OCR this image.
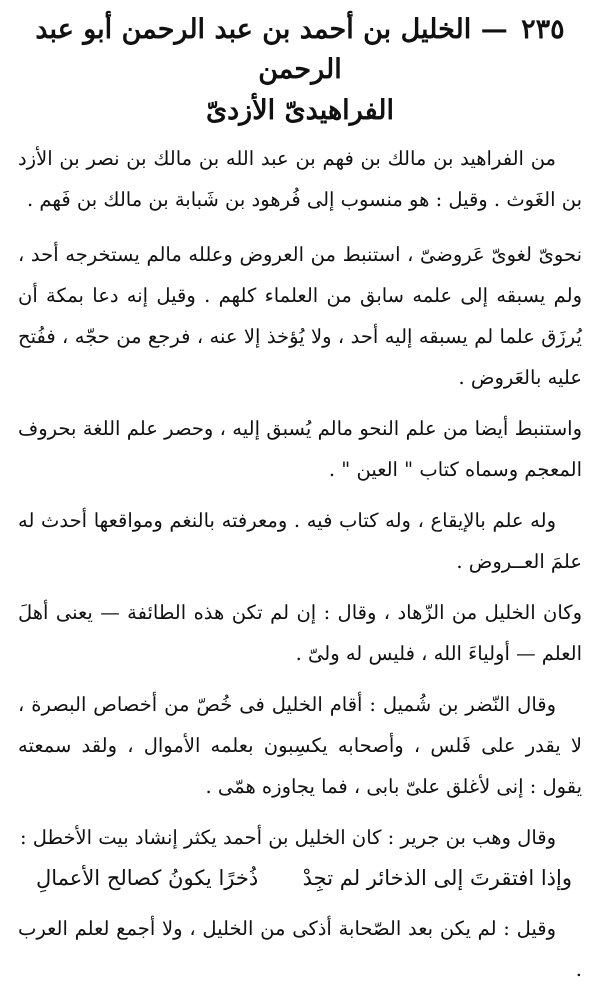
٢٣٥ — الخليل بن أحمد بن عبد الرحمن أبو عبد الرحمن
الفراهيدىّ الأزدىّ

من الفراهيد بن مالك بن فهم بن عبد الله بن مالك بن نصر بن الأزد بن الغَوث . وقيل : هو منسوب إلى فُرهود بن شَبابة بن مالك بن فَهم .

نحوىّ لغوىّ عَروضىّ ، استنبط من العروض وعلله مالم يستخرجه أحد ، ولم يسبقه إلى علمه سابق من العلماء كلهم . وقيل إنه دعا بمكة أن يُرزَق علما لم يسبقه إليه أحد ، ولا يُؤخذ إلا عنه ، فرجع من حجّه ، ففُتح عليه بالعَروض .

واستنبط أيضا من علم النحو مالم يُسبق إليه ، وحصر علم اللغة بحروف المعجم وسماه كتاب " العين " .

وله علم بالإيقاع ، وله كتاب فيه . ومعرفته بالنغم ومواقعها أحدث له علمَ العــروض .

وكان الخليل من الزّهاد ، وقال : إن لم تكن هذه الطائفة — يعنى أهلَ العلم — أولياءَ الله ، فليس له ولىّ .

وقال النّضر بن شُميل : أقام الخليل فى خُصّ من أخصاص البصرة ، لا يقدر على فَلس ، وأصحابه يكسِبون بعلمه الأموال ، ولقد سمعته يقول : إنى لأغلق علىّ بابى ، فما يجاوزه همّى .

وقال وهب بن جرير : كان الخليل بن أحمد يكثر إنشاد بيت الأخطل :

وإذا افتقرتَ إلى الذخائر لم تجِدْ
ذُخرًا يكونُ كصالح الأعمالِ

وقيل : لم يكن بعد الصّحابة أذكى من الخليل ، ولا أجمع لعلم العرب .
